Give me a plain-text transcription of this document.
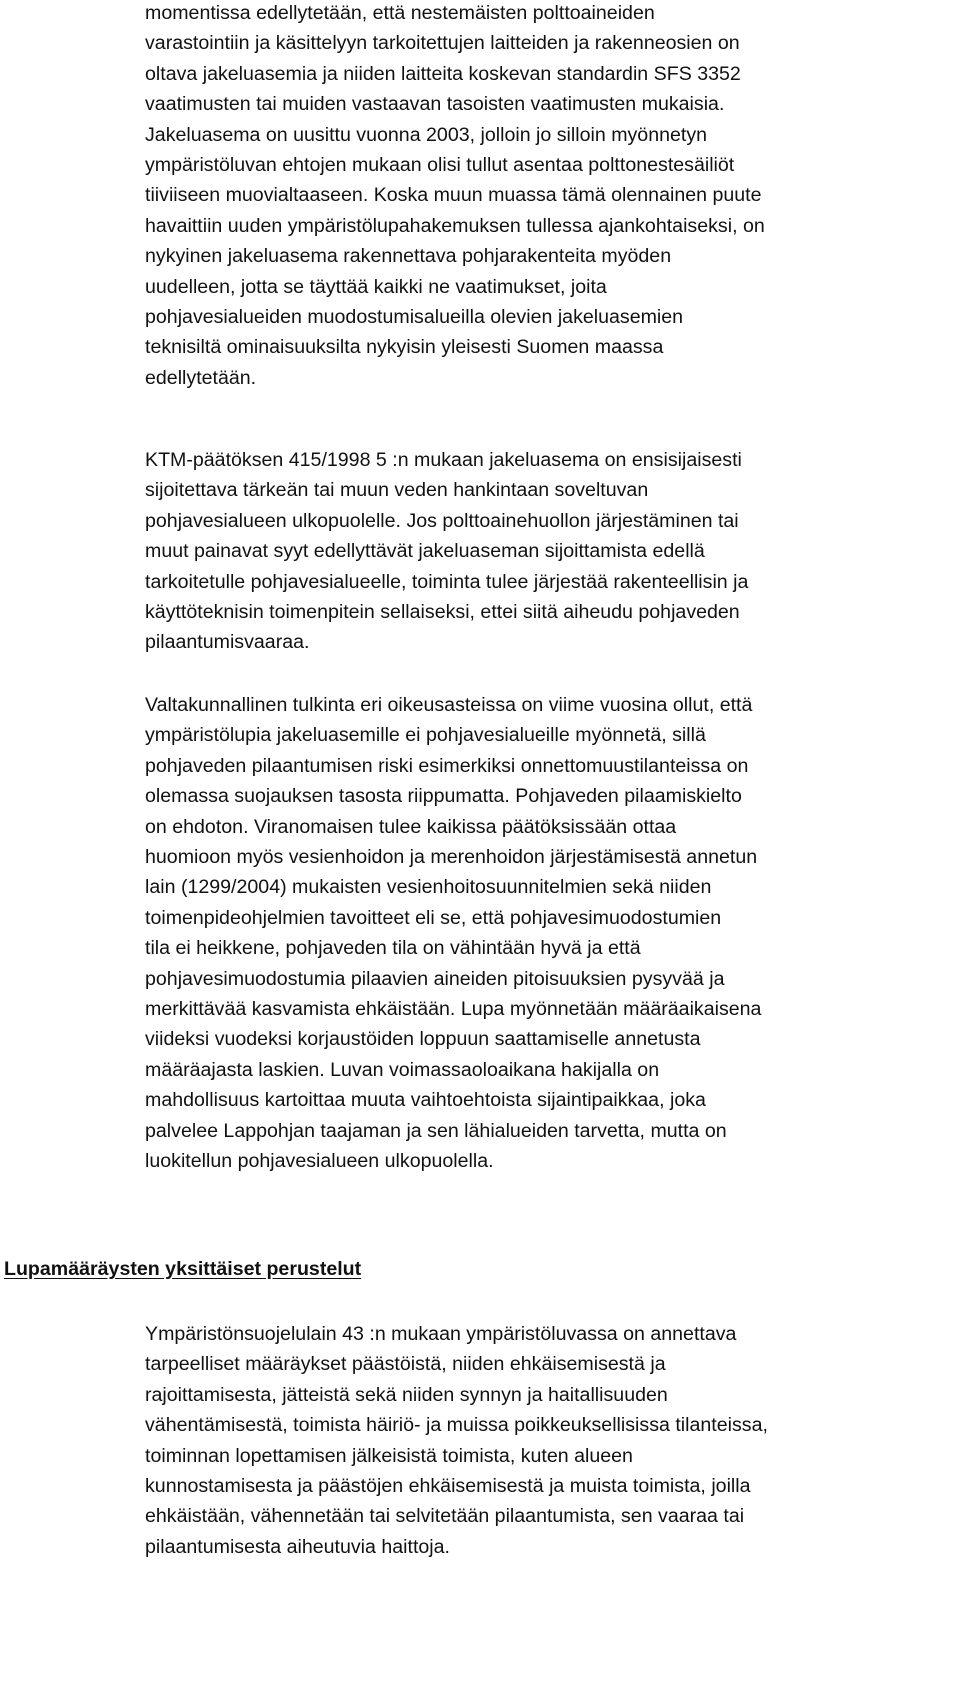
momentissa edellytetään, että nestemäisten polttoaineiden
varastointiin ja käsittelyyn tarkoitettujen laitteiden ja rakenneosien on
oltava jakeluasemia ja niiden laitteita koskevan standardin SFS 3352
vaatimusten tai muiden vastaavan tasoisten vaatimusten mukaisia.
Jakeluasema on uusittu vuonna 2003, jolloin jo silloin myönnetyn
ympäristöluvan ehtojen mukaan olisi tullut asentaa polttonestesäiliöt
tiiviiseen muovialtaaseen. Koska muun muassa tämä olennainen puute
havaittiin uuden ympäristölupahakemuksen tullessa ajankohtaiseksi, on
nykyinen jakeluasema rakennettava pohjarakenteita myöden
uudelleen, jotta se täyttää kaikki ne vaatimukset, joita
pohjavesialueiden muodostumisalueilla olevien jakeluasemien
teknisiltä ominaisuuksilta nykyisin yleisesti Suomen maassa
edellytetään.

KTM-päätöksen 415/1998 5 :n mukaan jakeluasema on ensisijaisesti
sijoitettava tärkeän tai muun veden hankintaan soveltuvan
pohjavesialueen ulkopuolelle. Jos polttoainehuollon järjestäminen tai
muut painavat syyt edellyttävät jakeluaseman sijoittamista edellä
tarkoitetulle pohjavesialueelle, toiminta tulee järjestää rakenteellisin ja
käyttöteknisin toimenpitein sellaiseksi, ettei siitä aiheudu pohjaveden
pilaantumisvaaraa.

Valtakunnallinen tulkinta eri oikeusasteissa on viime vuosina ollut, että
ympäristölupia jakeluasemille ei pohjavesialueille myönnetä, sillä
pohjaveden pilaantumisen riski esimerkiksi onnettomuustilanteissa on
olemassa suojauksen tasosta riippumatta. Pohjaveden pilaamiskielto
on ehdoton. Viranomaisen tulee kaikissa päätöksissään ottaa
huomioon myös vesienhoidon ja merenhoidon järjestämisestä annetun
lain (1299/2004) mukaisten vesienhoitosuunnitelmien sekä niiden
toimenpideohjelmien tavoitteet eli se, että pohjavesimuodostumien
tila ei heikkene, pohjaveden tila on vähintään hyvä ja että
pohjavesimuodostumia pilaavien aineiden pitoisuuksien pysyvää ja
merkittävää kasvamista ehkäistään. Lupa myönnetään määräaikaisena
viideksi vuodeksi korjaustöiden loppuun saattamiselle annetusta
määräajasta laskien. Luvan voimassaoloaikana hakijalla on
mahdollisuus kartoittaa muuta vaihtoehtoista sijaintipaikkaa, joka
palvelee Lappohjan taajaman ja sen lähialueiden tarvetta, mutta on
luokitellun pohjavesialueen ulkopuolella.

Lupamääräysten yksittäiset perustelut

Ympäristönsuojelulain 43 :n mukaan ympäristöluvassa on annettava
tarpeelliset määräykset päästöistä, niiden ehkäisemisestä ja
rajoittamisesta, jätteistä sekä niiden synnyn ja haitallisuuden
vähentämisestä, toimista häiriö- ja muissa poikkeuksellisissa tilanteissa,
toiminnan lopettamisen jälkeisistä toimista, kuten alueen
kunnostamisesta ja päästöjen ehkäisemisestä ja muista toimista, joilla
ehkäistään, vähennetään tai selvitetään pilaantumista, sen vaaraa tai
pilaantumisesta aiheutuvia haittoja.
